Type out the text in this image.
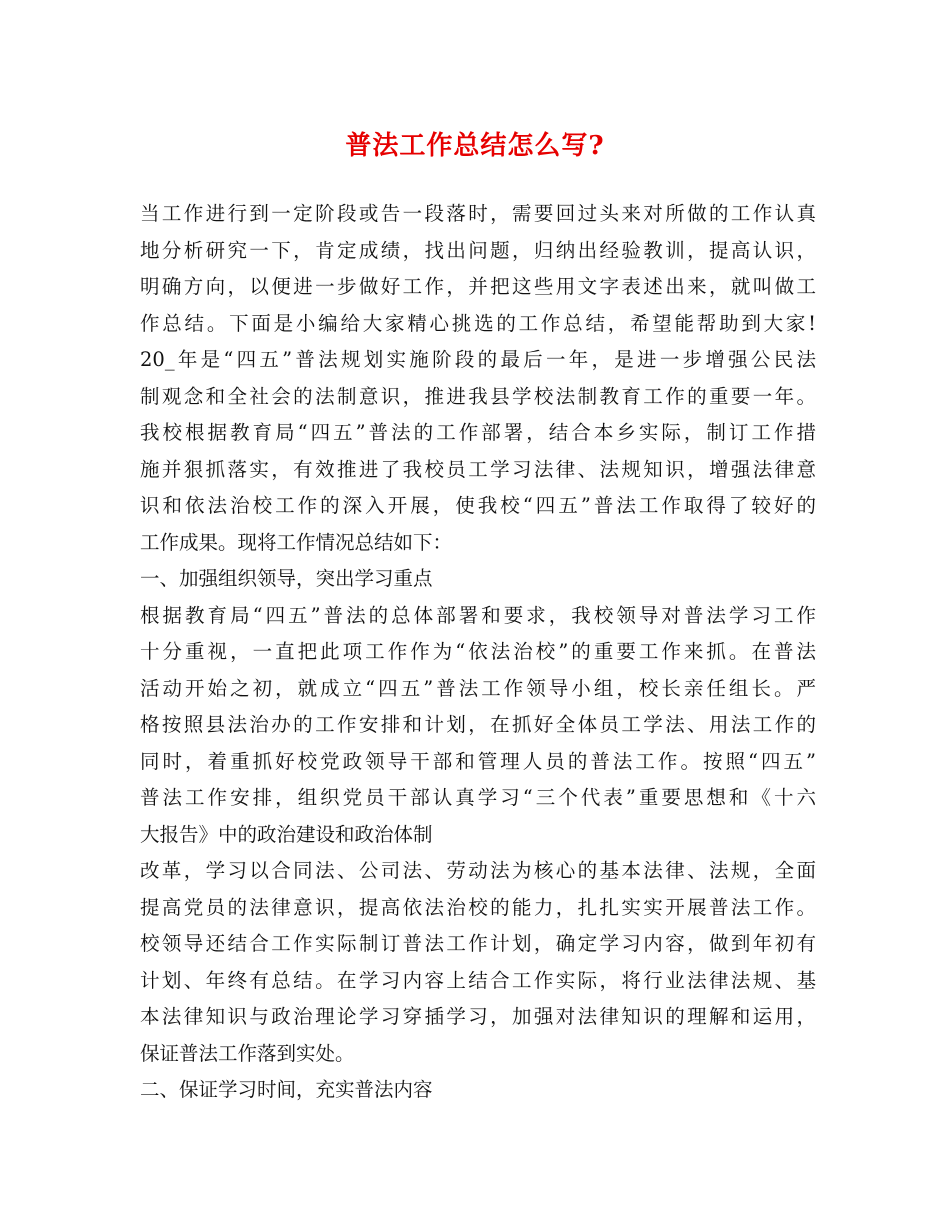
普法工作总结怎么写?
当工作进行到一定阶段或告一段落时，需要回过头来对所做的工作认真
地分析研究一下，肯定成绩，找出问题，归纳出经验教训，提高认识，
明确方向，以便进一步做好工作，并把这些用文字表述出来，就叫做工
作总结。下面是小编给大家精心挑选的工作总结，希望能帮助到大家!
20_年是“四五”普法规划实施阶段的最后一年，是进一步增强公民法
制观念和全社会的法制意识，推进我县学校法制教育工作的重要一年。
我校根据教育局“四五”普法的工作部署，结合本乡实际，制订工作措
施并狠抓落实，有效推进了我校员工学习法律、法规知识，增强法律意
识和依法治校工作的深入开展，使我校“四五”普法工作取得了较好的
工作成果。现将工作情况总结如下：
一、加强组织领导，突出学习重点
根据教育局“四五”普法的总体部署和要求，我校领导对普法学习工作
十分重视，一直把此项工作作为“依法治校”的重要工作来抓。在普法
活动开始之初，就成立“四五”普法工作领导小组，校长亲任组长。严
格按照县法治办的工作安排和计划，在抓好全体员工学法、用法工作的
同时，着重抓好校党政领导干部和管理人员的普法工作。按照“四五”
普法工作安排，组织党员干部认真学习“三个代表”重要思想和《十六
大报告》中的政治建设和政治体制
改革，学习以合同法、公司法、劳动法为核心的基本法律、法规，全面
提高党员的法律意识，提高依法治校的能力，扎扎实实开展普法工作。
校领导还结合工作实际制订普法工作计划，确定学习内容，做到年初有
计划、年终有总结。在学习内容上结合工作实际，将行业法律法规、基
本法律知识与政治理论学习穿插学习，加强对法律知识的理解和运用，
保证普法工作落到实处。
二、保证学习时间，充实普法内容
